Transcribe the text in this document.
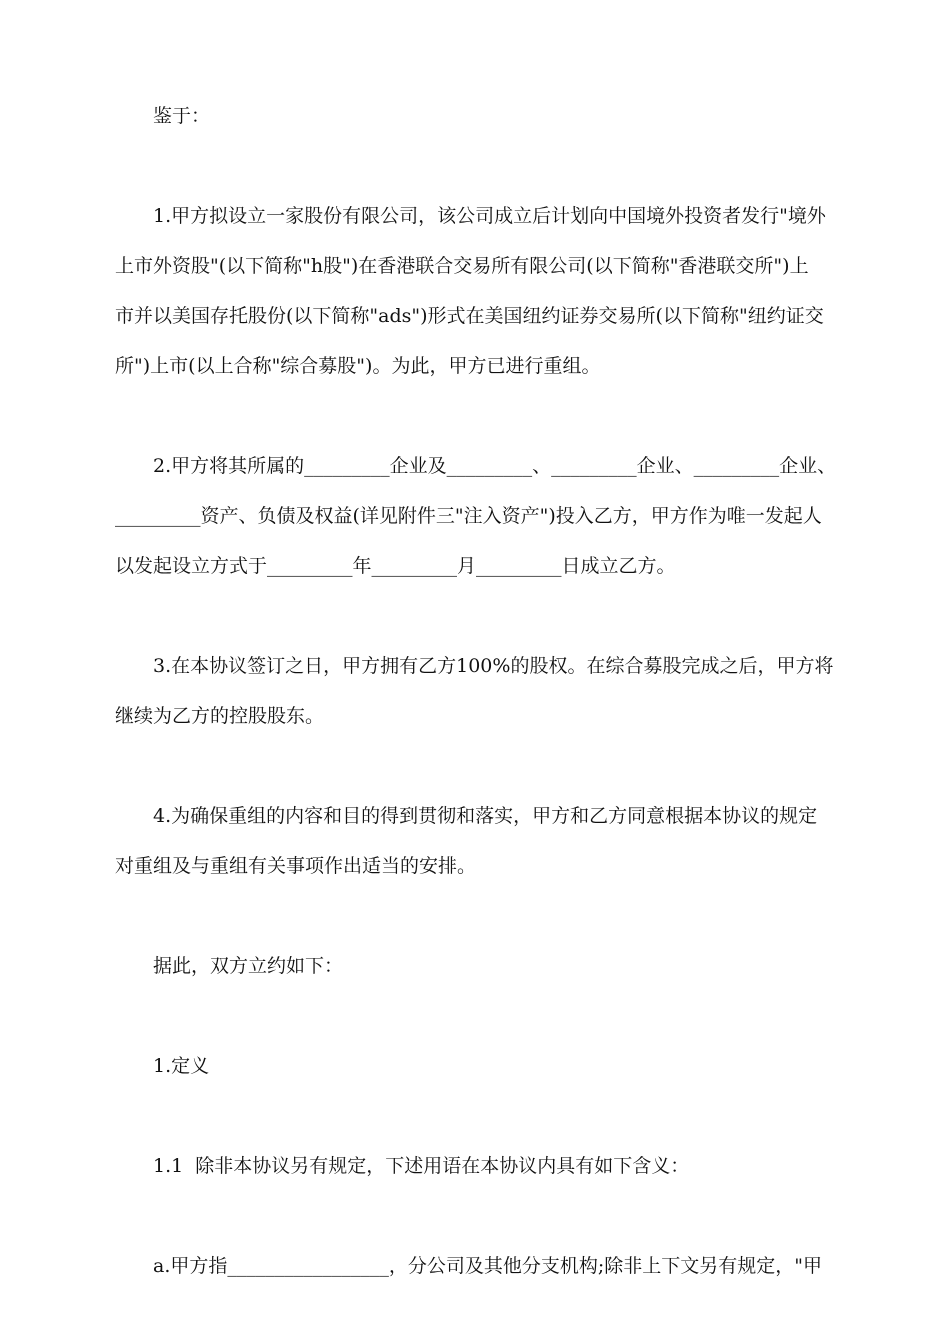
鉴于：
1.甲方拟设立一家股份有限公司，该公司成立后计划向中国境外投资者发行"境外
上市外资股"(以下简称"h股")在香港联合交易所有限公司(以下简称"香港联交所")上
市并以美国存托股份(以下简称"ads")形式在美国纽约证券交易所(以下简称"纽约证交
所")上市(以上合称"综合募股")。为此，甲方已进行重组。
2.甲方将其所属的_________企业及_________、_________企业、_________企业、
_________资产、负债及权益(详见附件三"注入资产")投入乙方，甲方作为唯一发起人
以发起设立方式于_________年_________月_________日成立乙方。
3.在本协议签订之日，甲方拥有乙方100%的股权。在综合募股完成之后，甲方将
继续为乙方的控股股东。
4.为确保重组的内容和目的得到贯彻和落实，甲方和乙方同意根据本协议的规定
对重组及与重组有关事项作出适当的安排。
据此，双方立约如下：
1.定义
1.1  除非本协议另有规定，下述用语在本协议内具有如下含义：
a.甲方指_________________，分公司及其他分支机构;除非上下文另有规定，"甲
